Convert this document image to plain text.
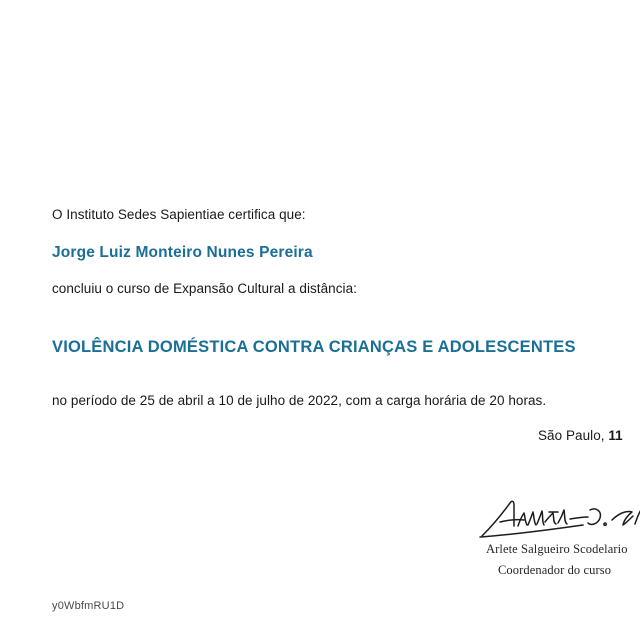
O Instituto Sedes Sapientiae certifica que:

Jorge Luiz Monteiro Nunes Pereira

concluiu o curso de Expansão Cultural a distância:

VIOLÊNCIA DOMÉSTICA CONTRA CRIANÇAS E ADOLESCENTES

no período de 25 de abril a 10 de julho de 2022, com a carga horária de 20 horas.

São Paulo, 11
Arlete Salgueiro Scodelario
Coordenador do curso
y0WbfmRU1D
